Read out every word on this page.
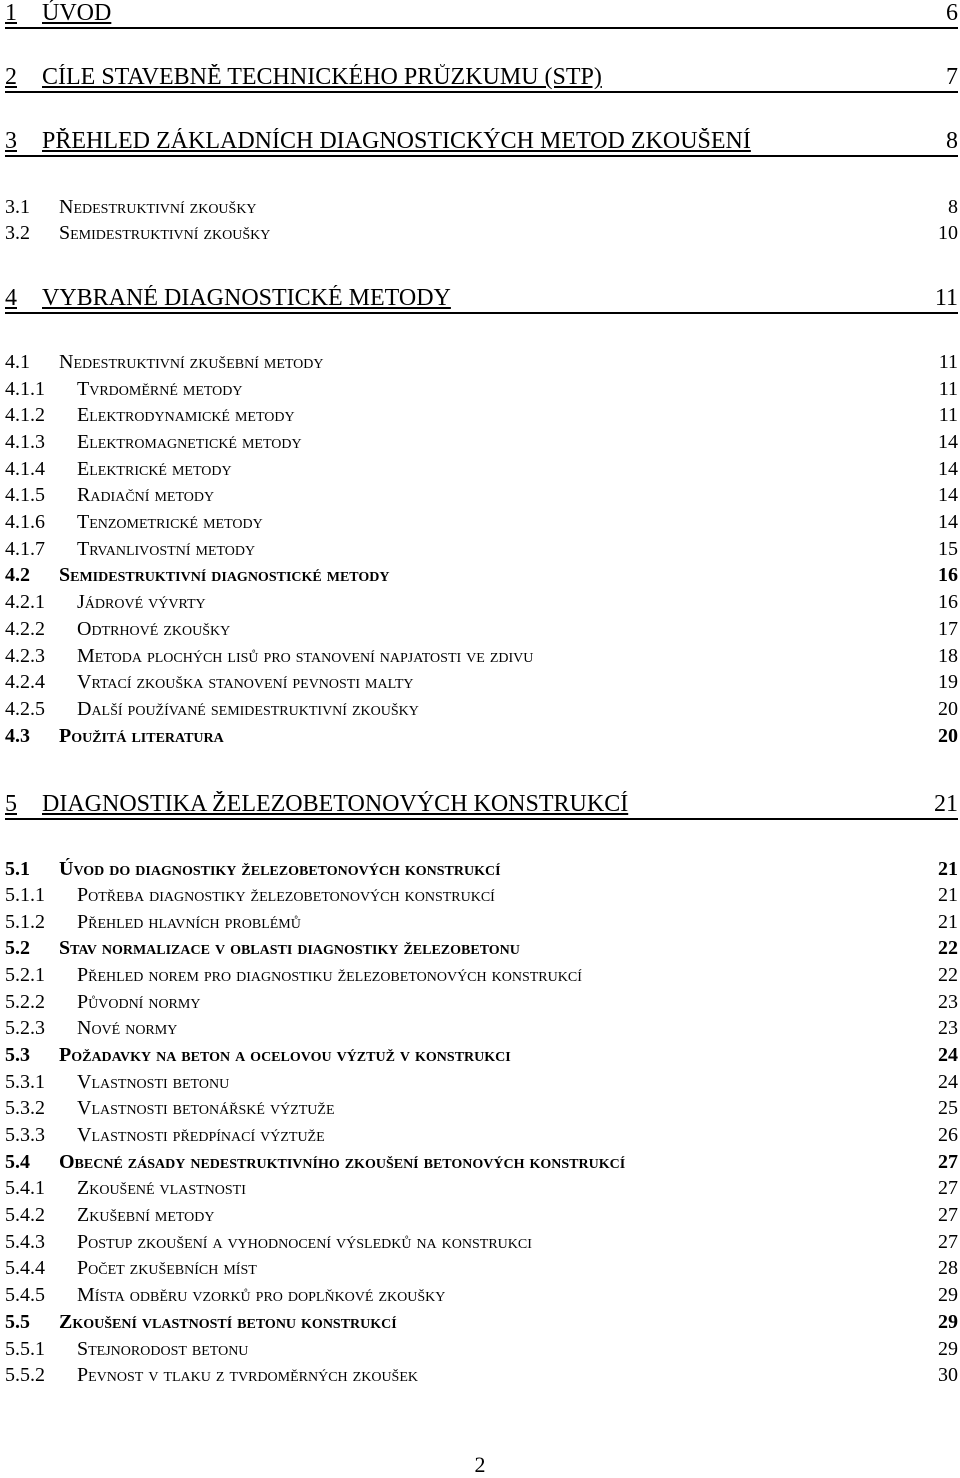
1	ÚVOD	6
2	CÍLE STAVEBNĚ TECHNICKÉHO PRŮZKUMU (STP)	7
3	PŘEHLED ZÁKLADNÍCH DIAGNOSTICKÝCH METOD ZKOUŠENÍ	8
3.1	Nedestruktivní zkoušky	8
3.2	Semidestruktivní zkoušky	10
4	VYBRANÉ DIAGNOSTICKÉ METODY	11
4.1	Nedestruktivní zkušební metody	11
4.1.1	Tvrdoměrné metody	11
4.1.2	Elektrodynamické metody	11
4.1.3	Elektromagnetické metody	14
4.1.4	Elektrické metody	14
4.1.5	Radiační metody	14
4.1.6	Tenzometrické metody	14
4.1.7	Trvanlivostní metody	15
4.2	Semidestruktivní diagnostické metody	16
4.2.1	Jádrové vývrty	16
4.2.2	Odtrhové zkoušky	17
4.2.3	Metoda plochých lisů pro stanovení napjatosti ve zdivu	18
4.2.4	Vrtací zkouška stanovení pevnosti malty	19
4.2.5	Další používané semidestruktivní zkoušky	20
4.3	Použitá literatura	20
5	DIAGNOSTIKA ŽELEZOBETONOVÝCH KONSTRUKCÍ	21
5.1	Úvod do diagnostiky železobetonových konstrukcí	21
5.1.1	Potřeba diagnostiky železobetonových konstrukcí	21
5.1.2	Přehled hlavních problémů	21
5.2	Stav normalizace v oblasti diagnostiky železobetonu	22
5.2.1	Přehled norem pro diagnostiku železobetonových konstrukcí	22
5.2.2	Původní normy	23
5.2.3	Nové normy	23
5.3	Požadavky na beton a ocelovou výztuž v konstrukci	24
5.3.1	Vlastnosti betonu	24
5.3.2	Vlastnosti betonářské výztuže	25
5.3.3	Vlastnosti předpínací výztuže	26
5.4	Obecné zásady nedestruktivního zkoušení betonových konstrukcí	27
5.4.1	Zkoušené vlastnosti	27
5.4.2	Zkušební metody	27
5.4.3	Postup zkoušení a vyhodnocení výsledků na konstrukci	27
5.4.4	Počet zkušebních míst	28
5.4.5	Místa odběru vzorků pro doplňkové zkoušky	29
5.5	Zkoušení vlastností betonu konstrukcí	29
5.5.1	Stejnorodost betonu	29
5.5.2	Pevnost v tlaku z tvrdoměrných zkoušek	30
2
